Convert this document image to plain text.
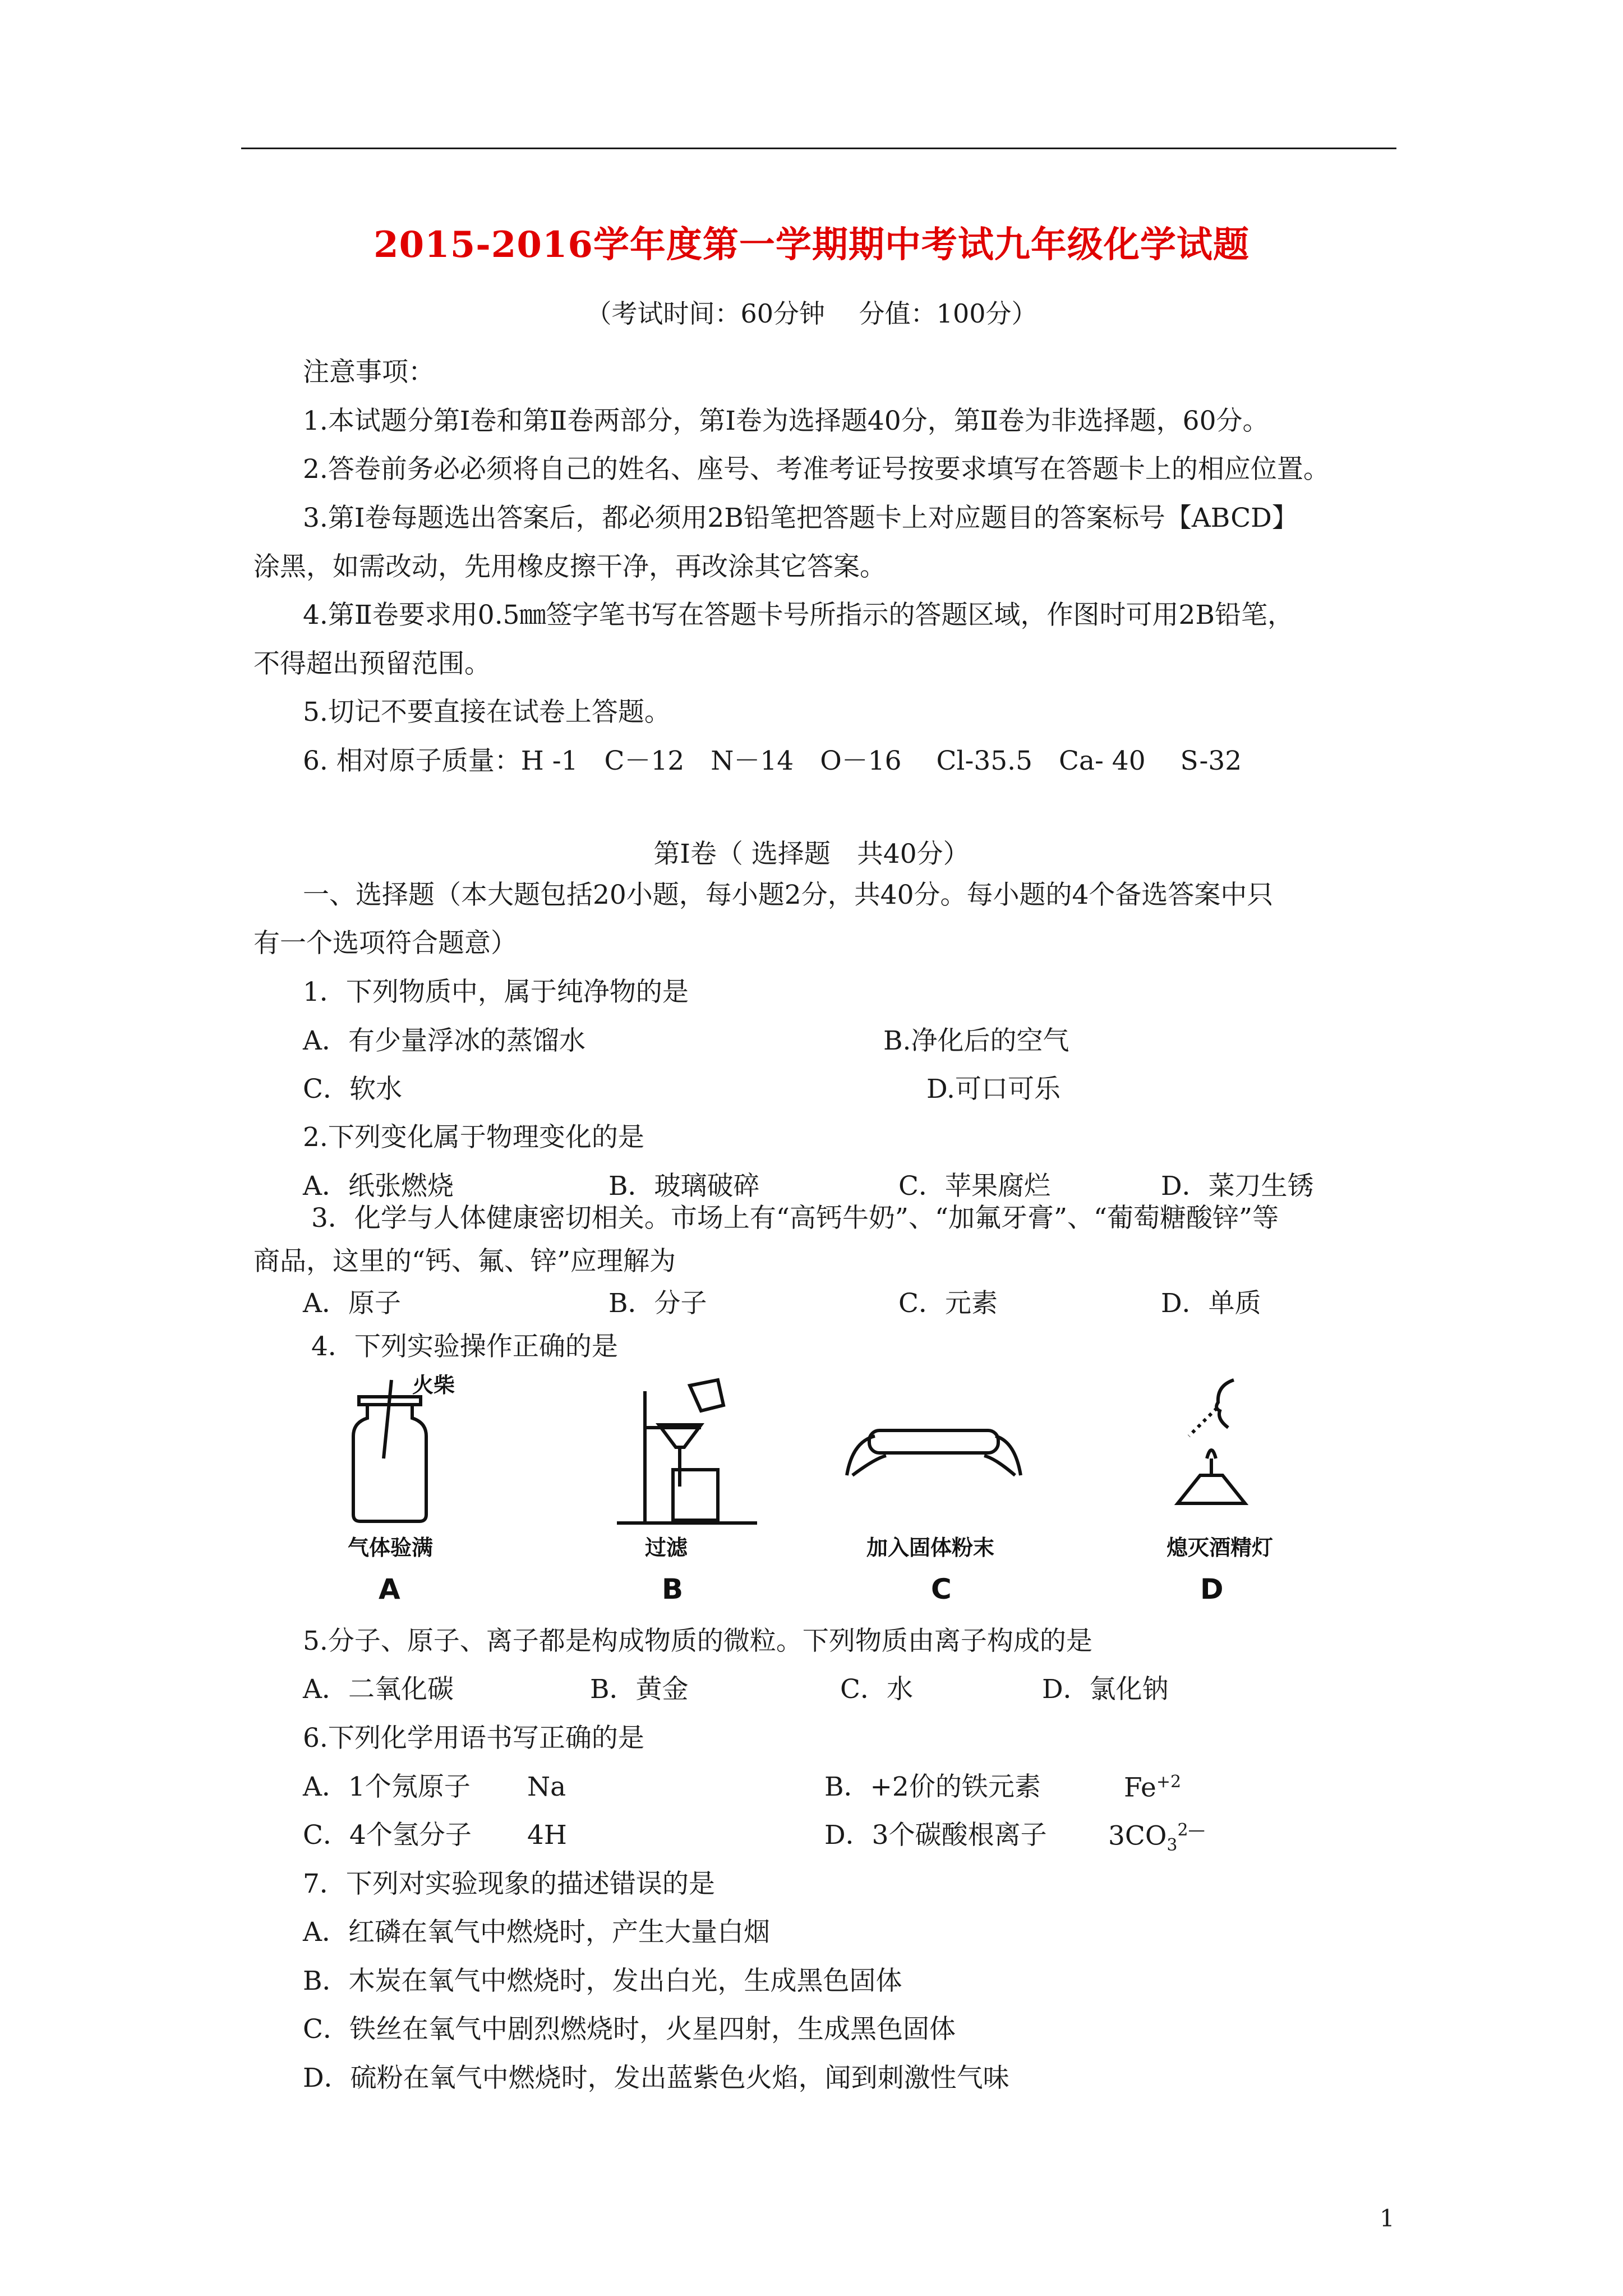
2015-2016学年度第一学期期中考试九年级化学试题
（考试时间：60分钟　 分值：100分）
注意事项：
1.本试题分第Ⅰ卷和第Ⅱ卷两部分，第Ⅰ卷为选择题40分，第Ⅱ卷为非选择题，60分。
2.答卷前务必必须将自己的姓名、座号、考准考证号按要求填写在答题卡上的相应位置。
3.第Ⅰ卷每题选出答案后，都必须用2B铅笔把答题卡上对应题目的答案标号【ABCD】
涂黑，如需改动，先用橡皮擦干净，再改涂其它答案。
4.第Ⅱ卷要求用0.5㎜签字笔书写在答题卡号所指示的答题区域，作图时可用2B铅笔，
不得超出预留范围。
5.切记不要直接在试卷上答题。
6. 相对原子质量：H -1　C－12　N－14　O－16　 Cl-35.5　Ca- 40　 S-32
第Ⅰ卷（ 选择题　共40分）
一、选择题（本大题包括20小题，每小题2分，共40分。每小题的4个备选答案中只
有一个选项符合题意）
1．下列物质中，属于纯净物的是
A．有少量浮冰的蒸馏水	B.净化后的空气
C．软水	D.可口可乐
2.下列变化属于物理变化的是
A．纸张燃烧	B．玻璃破碎	C．苹果腐烂	D．菜刀生锈
3．化学与人体健康密切相关。市场上有“高钙牛奶”、“加氟牙膏”、“葡萄糖酸锌”等
商品，这里的“钙、氟、锌”应理解为
A．原子	B．分子	C．元素	D．单质
4．下列实验操作正确的是
火柴
气体验满
A
过滤
B
加入固体粉末
C
熄灭酒精灯
D
5.分子、原子、离子都是构成物质的微粒。下列物质由离子构成的是
A．二氧化碳	B．黄金	C．水	D．氯化钠
6.下列化学用语书写正确的是
A．1个氖原子 Na	B．+2价的铁元素	$Fe^{+2}$
C．4个氢分子 4H	D．3个碳酸根离子 $3CO_3^{2—}$
7．下列对实验现象的描述错误的是
A．红磷在氧气中燃烧时，产生大量白烟
B．木炭在氧气中燃烧时，发出白光，生成黑色固体
C．铁丝在氧气中剧烈燃烧时，火星四射，生成黑色固体
D．硫粉在氧气中燃烧时，发出蓝紫色火焰，闻到刺激性气味
1
